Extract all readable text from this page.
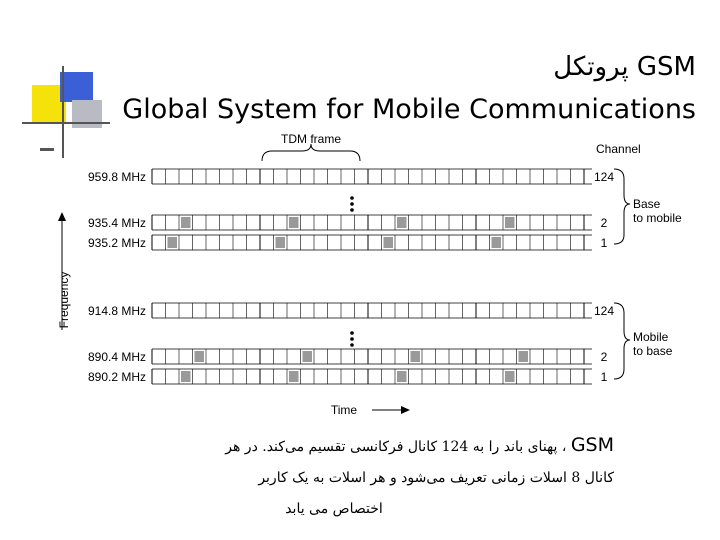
پروتکل GSM
Global System for Mobile Communications
TDM frame
Channel
Frequency
Time
Base
to mobile
Mobile
to base
959.8 MHz	124
935.4 MHz	2
935.2 MHz	1
914.8 MHz	124
890.4 MHz	2
890.2 MHz	1
GSM ، پهنای باند را به 124 کانال فرکانسی تقسیم می‌کند. در هر
کانال 8 اسلات زمانی تعریف می‌شود و هر اسلات به یک کاربر

اختصاص می یابد
